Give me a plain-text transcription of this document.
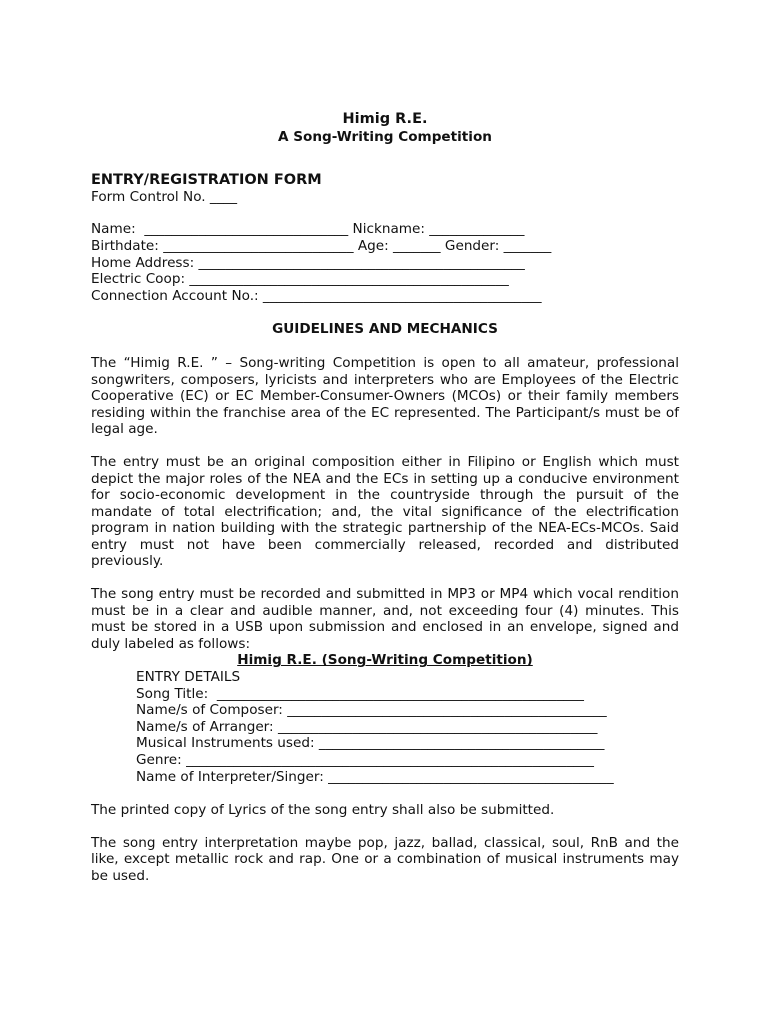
Himig R.E.
A Song-Writing Competition
ENTRY/REGISTRATION FORM
Form Control No. ____
Name:  ______________________________ Nickname: ______________
Birthdate: ____________________________ Age: _______ Gender: _______
Home Address: ________________________________________________
Electric Coop: _______________________________________________
Connection Account No.: _________________________________________
GUIDELINES AND MECHANICS
The “Himig R.E. ” – Song-writing Competition is open to all amateur, professional songwriters, composers, lyricists and interpreters who are Employees of the Electric Cooperative (EC) or EC Member-Consumer-Owners (MCOs) or their family members residing within the franchise area of the EC represented. The Participant/s must be of legal age.
The entry must be an original composition either in Filipino or English which must depict the major roles of the NEA and the ECs in setting up a conducive environment for socio-economic development in the countryside through the pursuit of the mandate of total electrification; and, the vital significance of the electrification program in nation building with the strategic partnership of the NEA-ECs-MCOs. Said entry must not have been commercially released, recorded and distributed previously.
The song entry must be recorded and submitted in MP3 or MP4 which vocal rendition must be in a clear and audible manner, and, not exceeding four (4) minutes. This must be stored in a USB upon submission and enclosed in an envelope, signed and duly labeled as follows:
Himig R.E. (Song-Writing Competition)
ENTRY DETAILS
Song Title:  ______________________________________________________
Name/s of Composer: _______________________________________________
Name/s of Arranger: _______________________________________________
Musical Instruments used: __________________________________________
Genre: ____________________________________________________________
Name of Interpreter/Singer: __________________________________________
The printed copy of Lyrics of the song entry shall also be submitted.
The song entry interpretation maybe pop, jazz, ballad, classical, soul, RnB and the like, except metallic rock and rap. One or a combination of musical instruments may be used.
